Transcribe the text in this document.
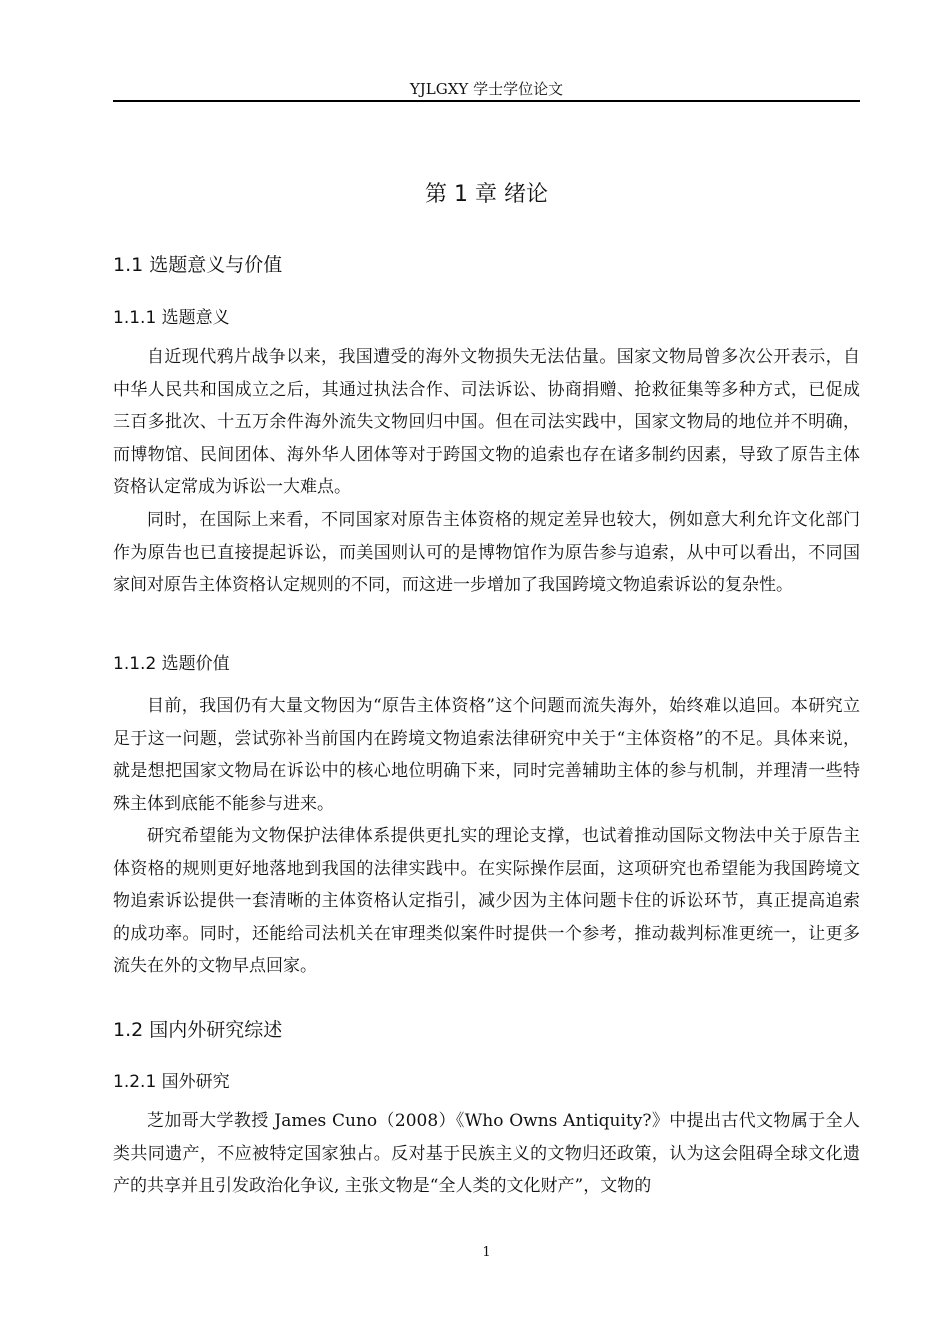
YJLGXY 学士学位论文
第 1 章 绪论
1.1 选题意义与价值
1.1.1 选题意义

自近现代鸦片战争以来，我国遭受的海外文物损失无法估量。国家文物局曾多次公开表示，自中华人民共和国成立之后，其通过执法合作、司法诉讼、协商捐赠、抢救征集等多种方式，已促成三百多批次、十五万余件海外流失文物回归中国。但在司法实践中，国家文物局的地位并不明确，而博物馆、民间团体、海外华人团体等对于跨国文物的追索也存在诸多制约因素，导致了原告主体资格认定常成为诉讼一大难点。

同时，在国际上来看，不同国家对原告主体资格的规定差异也较大，例如意大利允许文化部门作为原告也已直接提起诉讼，而美国则认可的是博物馆作为原告参与追索，从中可以看出，不同国家间对原告主体资格认定规则的不同，而这进一步增加了我国跨境文物追索诉讼的复杂性。

1.1.2 选题价值

目前，我国仍有大量文物因为“原告主体资格”这个问题而流失海外，始终难以追回。本研究立足于这一问题，尝试弥补当前国内在跨境文物追索法律研究中关于“主体资格”的不足。具体来说，就是想把国家文物局在诉讼中的核心地位明确下来，同时完善辅助主体的参与机制，并理清一些特殊主体到底能不能参与进来。

研究希望能为文物保护法律体系提供更扎实的理论支撑，也试着推动国际文物法中关于原告主体资格的规则更好地落地到我国的法律实践中。在实际操作层面，这项研究也希望能为我国跨境文物追索诉讼提供一套清晰的主体资格认定指引，减少因为主体问题卡住的诉讼环节，真正提高追索的成功率。同时，还能给司法机关在审理类似案件时提供一个参考，推动裁判标准更统一，让更多流失在外的文物早点回家。

1.2 国内外研究综述
1.2.1 国外研究

芝加哥大学教授 James Cuno（2008）《Who Owns Antiquity?》中提出古代文物属于全人类共同遗产，不应被特定国家独占。反对基于民族主义的文物归还政策，认为这会阻碍全球文化遗产的共享并且引发政治化争议, 主张文物是“全人类的文化财产”，文物的

1
